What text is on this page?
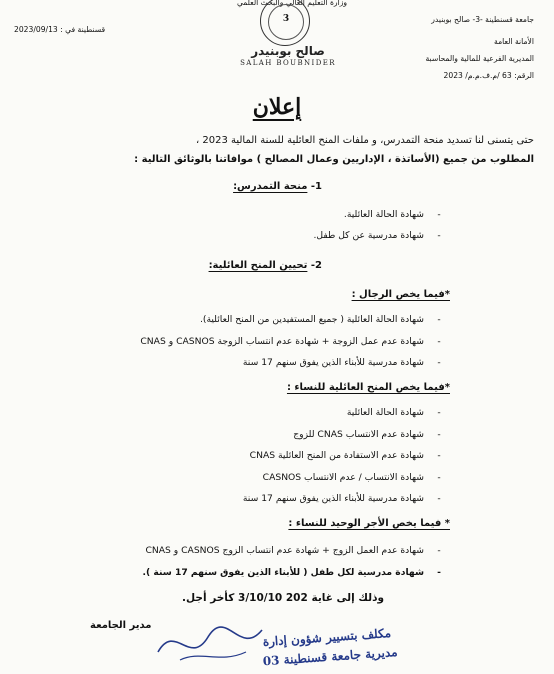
جامعة قسنطينة -3- صالح بوبنيدر
الأمانة العامة
المديرية الفرعية للمالية والمحاسبة
الرقم: 63 /م.ف.م.م/ 2023
وزارة التعليم العالي والبحث العلمي
قسنطينة في : 2023/09/13
3
صالح بوبنيدر
SALAH BOUBNIDER
إعلان
حتى يتسنى لنا تسديد منحة التمدرس، و ملفات المنح العائلية للسنة المالية 2023 ،
المطلوب من جميع (الأساتذة ، الإداريين وعمال المصالح ) موافاتنا بالوثائق التالية :
1- منحة التمدرس:
-شهادة الحالة العائلية.
-شهادة مدرسية عن كل طفل.
2- تحيين المنح العائلية:
*فيما يخص الرجال :
-شهادة الحالة العائلية ( جميع المستفيدين من المنح العائلية).
-شهادة عدم عمل الزوجة + شهادة عدم انتساب الزوجة CASNOS و CNAS
-شهادة مدرسية للأبناء الذين يفوق سنهم 17 سنة
*فيما يخص المنح العائلية للنساء :
-شهادة الحالة العائلية
-شهادة عدم الانتساب CNAS للزوج
-شهادة عدم الاستفادة من المنح العائلية CNAS
-شهادة الانتساب / عدم الانتساب CASNOS
-شهادة مدرسية للأبناء الذين يفوق سنهم 17 سنة
* فيما يخص الأجر الوحيد للنساء :
-شهادة عدم العمل الزوج + شهادة عدم انتساب الزوج CASNOS و CNAS
-شهادة مدرسية لكل طفل ( للأبناء الذين يفوق سنهم 17 سنة ).
وذلك إلى غاية 202 3/10/10 كأخر أجل.
مدير الجامعة
مكلف بتسيير شؤون إدارة
مديرية جامعة قسنطينة 03
